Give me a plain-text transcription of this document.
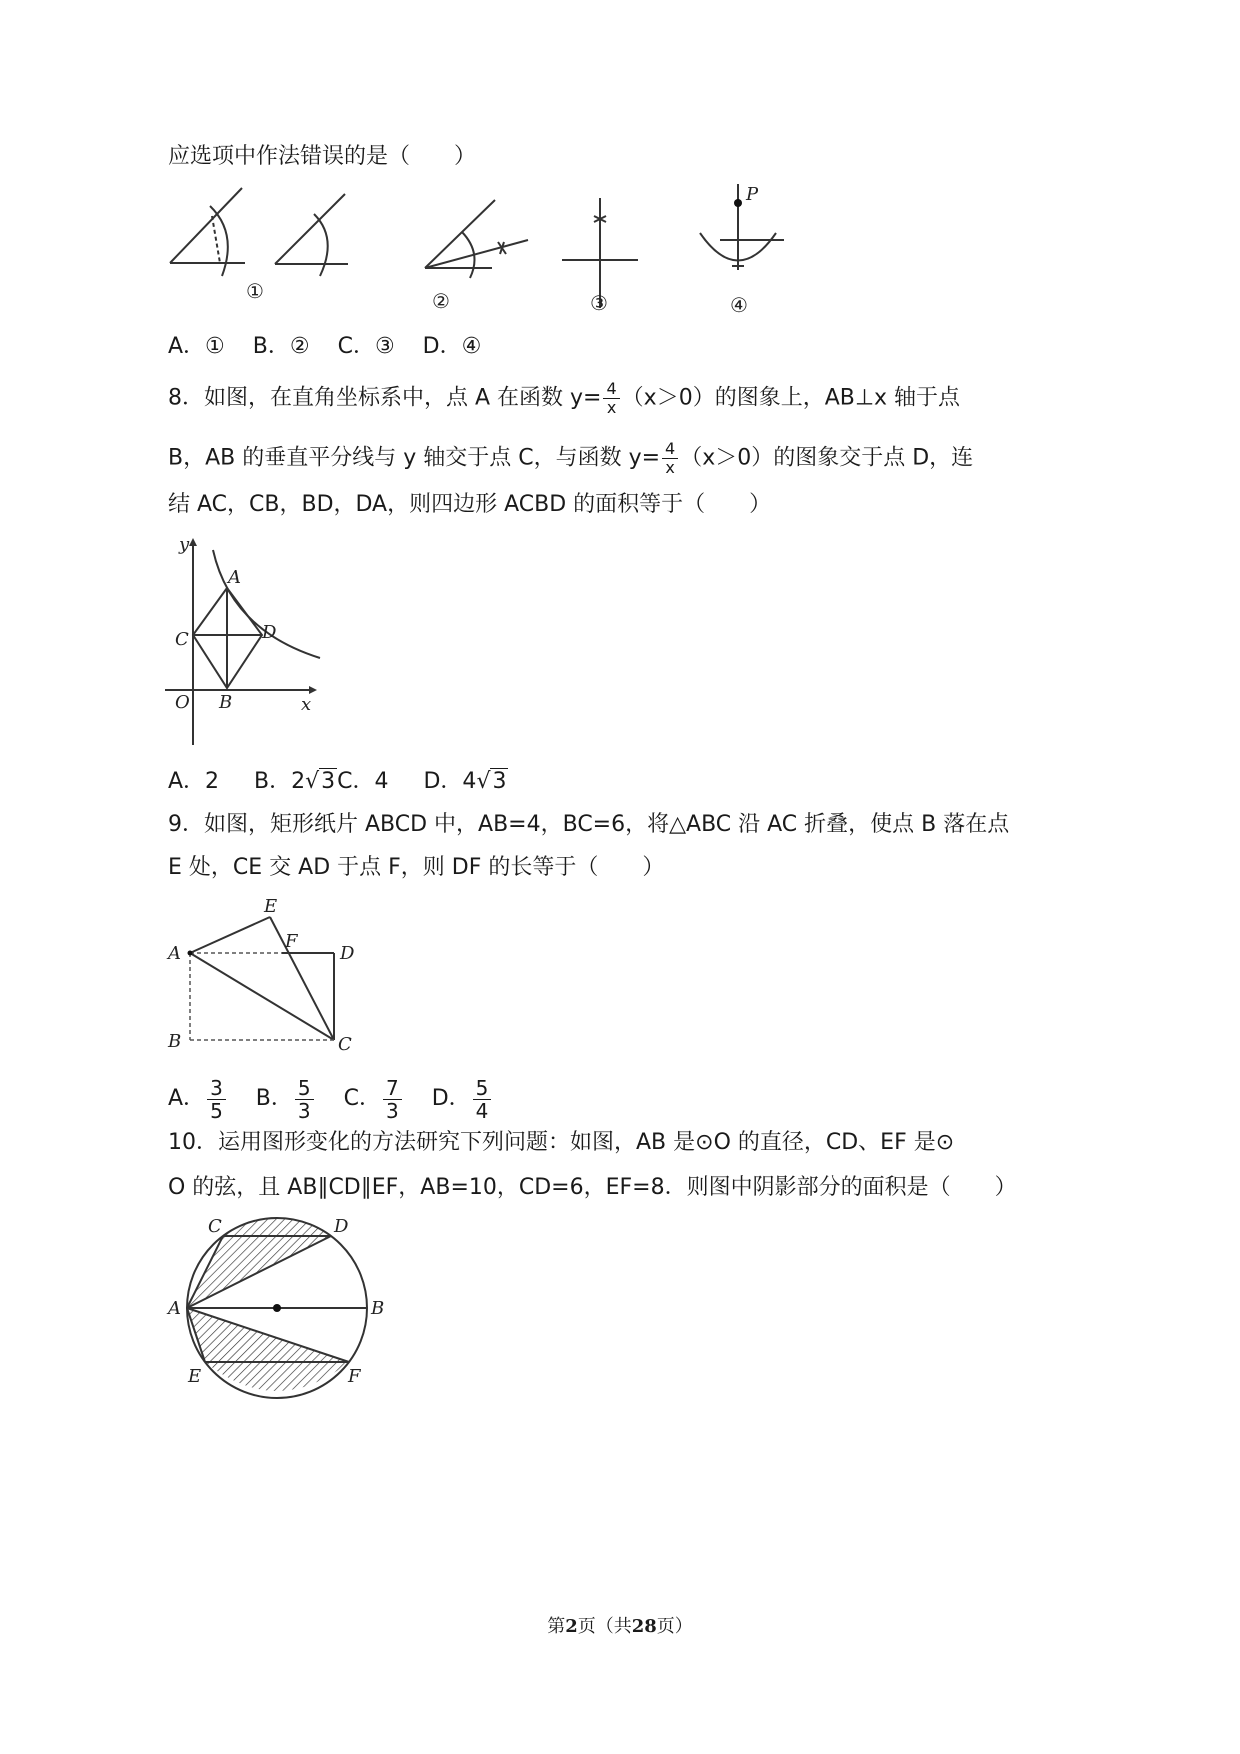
应选项中作法错误的是（　　）
P
①	②	③	④
A．① B．② C．③ D．④
8．如图，在直角坐标系中，点 A 在函数 $y= \frac{4}{x} (x>0)$的图象上，AB⊥x 轴于点
B，AB 的垂直平分线与 y 轴交于点 C，与函数 $y= \frac{4}{x} (x>0)$的图象交于点 D，连
结 AC，CB，BD，DA，则四边形 ACBD 的面积等于（　　）
y
A
C	D
O B	x
A．2 B．2√3C．4 D．4√3
9．如图，矩形纸片 ABCD 中，AB=4，BC=6，将△ABC 沿 AC 折叠，使点 B 落在点
E 处，CE 交 AD 于点 F，则 DF 的长等于（　　）
E
A
F
D
B	C
A． $\frac{3}{5}$ B． $\frac{5}{3}$ C． $\frac{7}{3}$ D． $\frac{5}{4}$
10．运用图形变化的方法研究下列问题：如图，AB 是⊙O 的直径，CD、EF 是⊙
O 的弦，且 AB∥CD∥EF，AB=10，CD=6，EF=8．则图中阴影部分的面积是（　　）
C	D
A	B
E	F
第2页（共28页）
